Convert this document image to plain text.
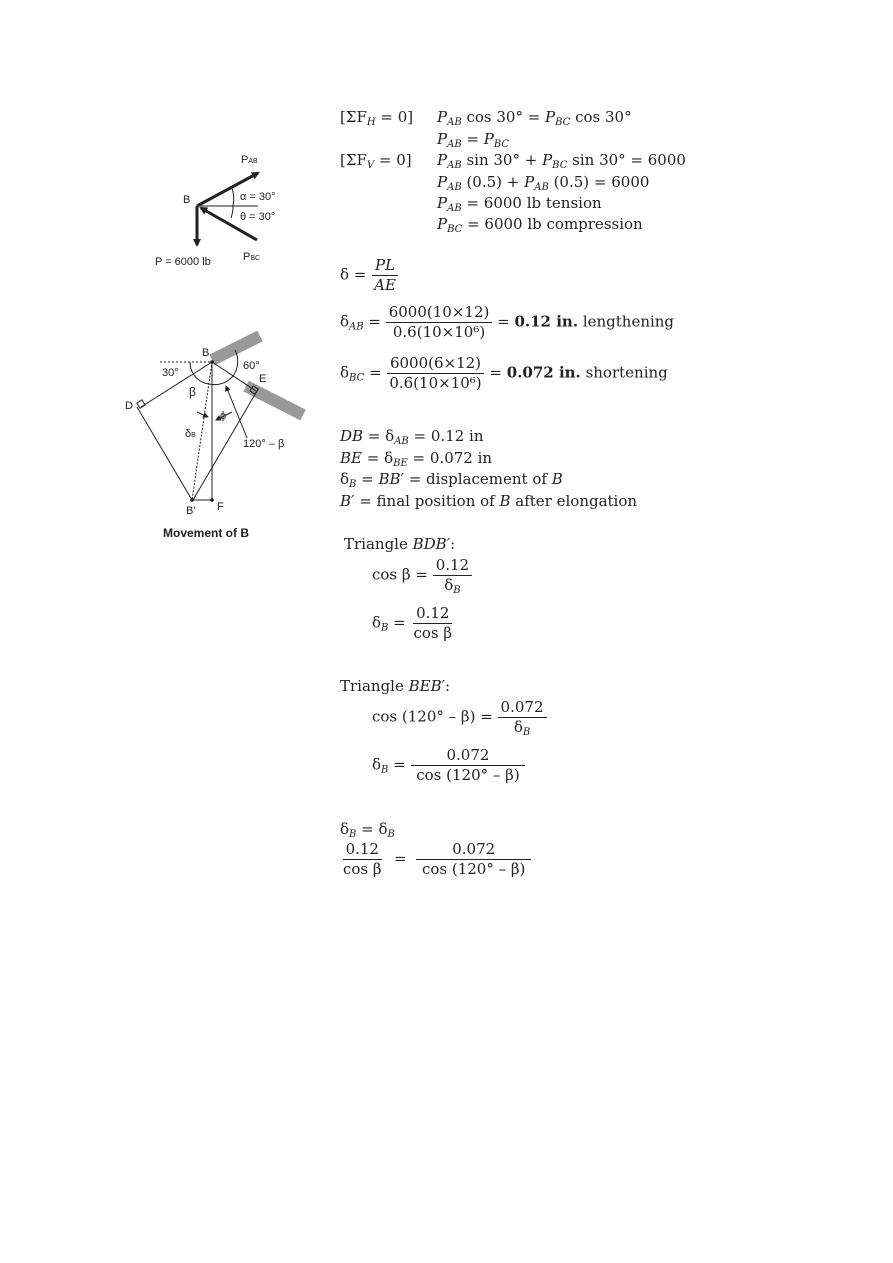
B
PAB
PBC
α = 30°
θ = 30°
P = 6000 lb
B
D
E
F
B′
30°
60°
β
ϕ
δB
120° – β
Movement of B
$[\Sigma F_H = 0]$ $P_{AB}$ $\cos 30^\circ = P_{BC}$ cos 30°
$P_{AB} = P_{BC}$
$[\Sigma F_V = 0]$ $P_{AB}$ $\sin 30^\circ + P_{BC}$ sin 30° = 6000
$P_{AB}$ $(0.5) + P_{AB}$ (0.5) = 6000
$P_{AB} = 6000$ lb tension
$P_{BC} = 6000$ lb compression
$\delta = \frac{PL}{AE}$
$\delta_{AB} = \frac{6000(10\times 12)}{\text{0.6(10×10⁶)}} = 0.12$ in. lengthening
$\delta_{BC} = \frac{6000(6\times 12)}{\text{0.6(10×10⁶)}} = 0.072$ in. shortening
DB = $\delta_{AB} = 0.12$ in
BE = $\delta_{BE} = 0.072$ in
$\delta_B = BB'$ = displacement of B
B′ = final position of B after elongation
Triangle BDB′:
$\cos \beta = \frac{0.12}{\delta_B}$
$\delta_B = \frac{0.12}{\text{cos β}}$
Triangle BEB′:
$\cos (120^\circ - \beta) = \frac{0.072}{\delta_B}$
$\delta_B = \frac{0.072}{\cos (120^\circ - \beta)}$
$\delta_B = \delta_B$
$\frac{0.12}{\text{cos β}} = \frac{0.072}{\cos (120^\circ - \beta)}$
